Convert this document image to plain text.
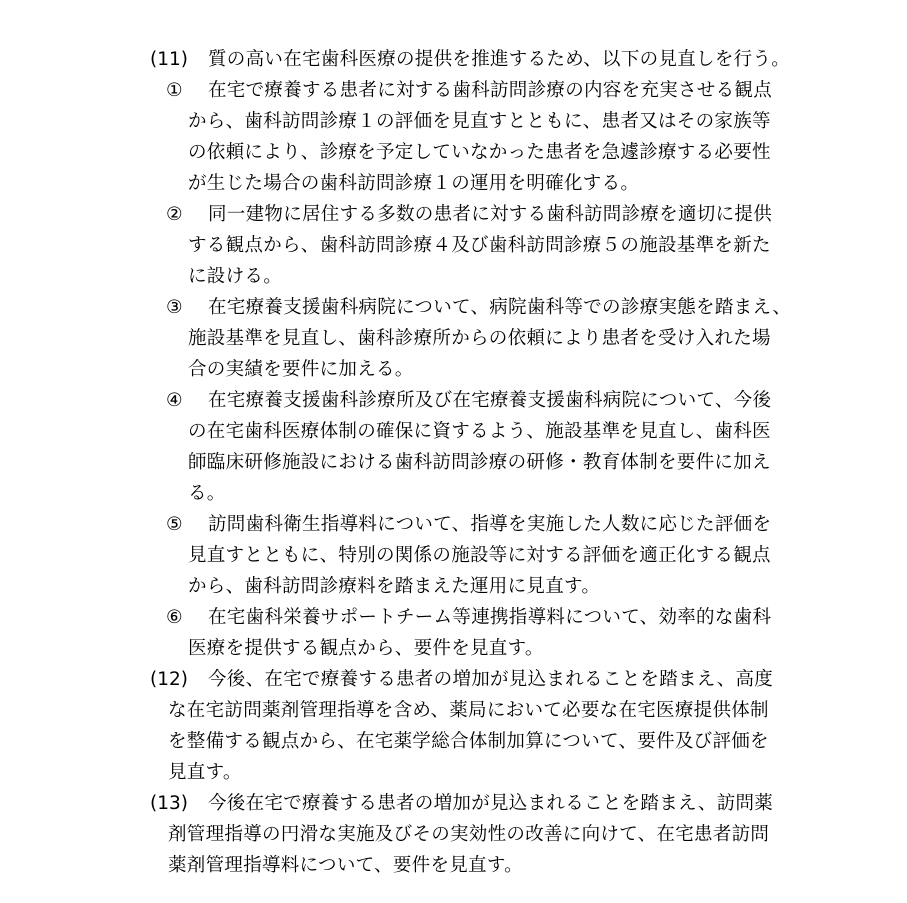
(11) 質の高い在宅歯科医療の提供を推進するため、以下の見直しを行う。
① 在宅で療養する患者に対する歯科訪問診療の内容を充実させる観点
から、歯科訪問診療１の評価を見直すとともに、患者又はその家族等
の依頼により、診療を予定していなかった患者を急遽診療する必要性
が生じた場合の歯科訪問診療１の運用を明確化する。
② 同一建物に居住する多数の患者に対する歯科訪問診療を適切に提供
する観点から、歯科訪問診療４及び歯科訪問診療５の施設基準を新た
に設ける。
③ 在宅療養支援歯科病院について、病院歯科等での診療実態を踏まえ、
施設基準を見直し、歯科診療所からの依頼により患者を受け入れた場
合の実績を要件に加える。
④ 在宅療養支援歯科診療所及び在宅療養支援歯科病院について、今後
の在宅歯科医療体制の確保に資するよう、施設基準を見直し、歯科医
師臨床研修施設における歯科訪問診療の研修・教育体制を要件に加え
る。
⑤ 訪問歯科衛生指導料について、指導を実施した人数に応じた評価を
見直すとともに、特別の関係の施設等に対する評価を適正化する観点
から、歯科訪問診療料を踏まえた運用に見直す。
⑥ 在宅歯科栄養サポートチーム等連携指導料について、効率的な歯科
医療を提供する観点から、要件を見直す。
(12) 今後、在宅で療養する患者の増加が見込まれることを踏まえ、高度
な在宅訪問薬剤管理指導を含め、薬局において必要な在宅医療提供体制
を整備する観点から、在宅薬学総合体制加算について、要件及び評価を
見直す。
(13) 今後在宅で療養する患者の増加が見込まれることを踏まえ、訪問薬
剤管理指導の円滑な実施及びその実効性の改善に向けて、在宅患者訪問
薬剤管理指導料について、要件を見直す。
